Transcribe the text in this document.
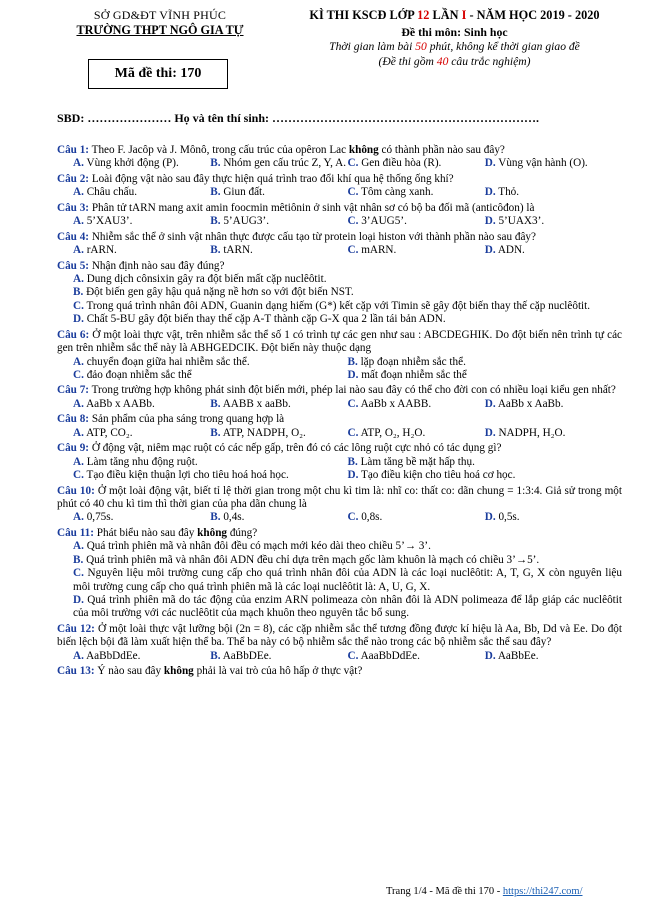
SỞ GD&ĐT VĨNH PHÚC
TRƯỜNG THPT NGÔ GIA TỰ
Mã đề thi: 170
KÌ THI KSCĐ LỚP 12 LẦN I - NĂM HỌC 2019 - 2020
Đề thi môn: Sinh học
Thời gian làm bài 50 phút, không kể thời gian giao đề
(Đề thi gồm 40 câu trắc nghiệm)
SBD: ………………… Họ và tên thí sinh: ………………………………………………………….
Câu 1: Theo F. Jacôp và J. Mônô, trong cấu trúc của opêron Lac không có thành phần nào sau đây?
A. Vùng khởi động (P).	B. Nhóm gen cấu trúc Z, Y, A. C. Gen điều hòa (R).	D. Vùng vận hành (O).
Câu 2: Loài động vật nào sau đây thực hiện quá trình trao đổi khí qua hệ thống ống khí?
A. Châu chấu.	B. Giun đất.	C. Tôm càng xanh.	D. Thỏ.
Câu 3: Phân tử tARN mang axit amin foocmin mêtiônin ở sinh vật nhân sơ có bộ ba đối mã (anticôđon) là
A. 5’XAU3’.	B. 5’AUG3’.	C. 3’AUG5’.	D. 5’UAX3’.
Câu 4: Nhiễm sắc thể ở sinh vật nhân thực được cấu tạo từ protein loại histon với thành phần nào sau đây?
A. rARN.	B. tARN.	C. mARN.	D. ADN.
Câu 5: Nhận định nào sau đây đúng?
A. Dung dịch cônsixin gây ra đột biến mất cặp nuclêôtit.
B. Đột biến gen gây hậu quả nặng nề hơn so với đột biến NST.
C. Trong quá trình nhân đôi ADN, Guanin dạng hiếm (G*) kết cặp với Timin sẽ gây đột biến thay thế cặp nuclêôtit.
D. Chất 5-BU gây đột biến thay thế cặp A-T thành cặp G-X qua 2 lần tái bản ADN.
Câu 6: Ở một loài thực vật, trên nhiễm sắc thể số 1 có trình tự các gen như sau : ABCDEGHIK. Do đột biến nên trình tự các gen trên nhiễm sắc thể này là ABHGEDCIK. Đột biến này thuộc dạng
A. chuyển đoạn giữa hai nhiễm sắc thể.	B. lặp đoạn nhiễm sắc thể.
C. đảo đoạn nhiễm sắc thể	D. mất đoạn nhiễm sắc thể
Câu 7: Trong trường hợp không phát sinh đột biến mới, phép lai nào sau đây có thể cho đời con có nhiều loại kiểu gen nhất?
A. AaBb x AABb.	B. AABB x aaBb.	C. AaBb x AABB.	D. AaBb x AaBb.
Câu 8: Sản phẩm của pha sáng trong quang hợp là
A. ATP, CO₂.	B. ATP, NADPH, O₂.	C. ATP, O₂, H₂O.	D. NADPH, H₂O.
Câu 9: Ở động vật, niêm mạc ruột có các nếp gấp, trên đó có các lông ruột cực nhỏ có tác dụng gì?
A. Làm tăng nhu động ruột.	B. Làm tăng bề mặt hấp thụ.
C. Tạo điều kiện thuận lợi cho tiêu hoá hoá học.	D. Tạo điều kiện cho tiêu hoá cơ học.
Câu 10: Ở một loài động vật, biết tỉ lệ thời gian trong một chu kì tim là: nhĩ co: thất co: dãn chung = 1:3:4. Giả sử trong một phút có 40 chu kì tim thì thời gian của pha dãn chung là
A. 0,75s.	B. 0,4s.	C. 0,8s.	D. 0,5s.
Câu 11: Phát biểu nào sau đây không đúng?
A. Quá trình phiên mã và nhân đôi đều có mạch mới kéo dài theo chiều 5’→ 3’.
B. Quá trình phiên mã và nhân đôi ADN đều chỉ dựa trên mạch gốc làm khuôn là mạch có chiều 3’→5’.
C. Nguyên liệu môi trường cung cấp cho quá trình nhân đôi của ADN là các loại nuclêôtit: A, T, G, X còn nguyên liệu môi trường cung cấp cho quá trình phiên mã là các loại nuclêôtit là: A, U, G, X.
D. Quá trình phiên mã do tác động của enzim ARN polimeaza còn nhân đôi là ADN polimeaza để lắp giáp các nuclêôtit của môi trường với các nuclêôtit của mạch khuôn theo nguyên tắc bổ sung.
Câu 12: Ở một loài thực vật lưỡng bội (2n = 8), các cặp nhiễm sắc thể tương đồng được kí hiệu là Aa, Bb, Dd và Ee. Do đột biến lệch bội đã làm xuất hiện thể ba. Thể ba này có bộ nhiễm sắc thể nào trong các bộ nhiễm sắc thể sau đây?
A. AaBbDdEe.	B. AaBbDEe.	C. AaaBbDdEe.	D. AaBbEe.
Câu 13: Ý nào sau đây không phải là vai trò của hô hấp ở thực vật?
Trang 1/4 - Mã đề thi 170 - https://thi247.com/
